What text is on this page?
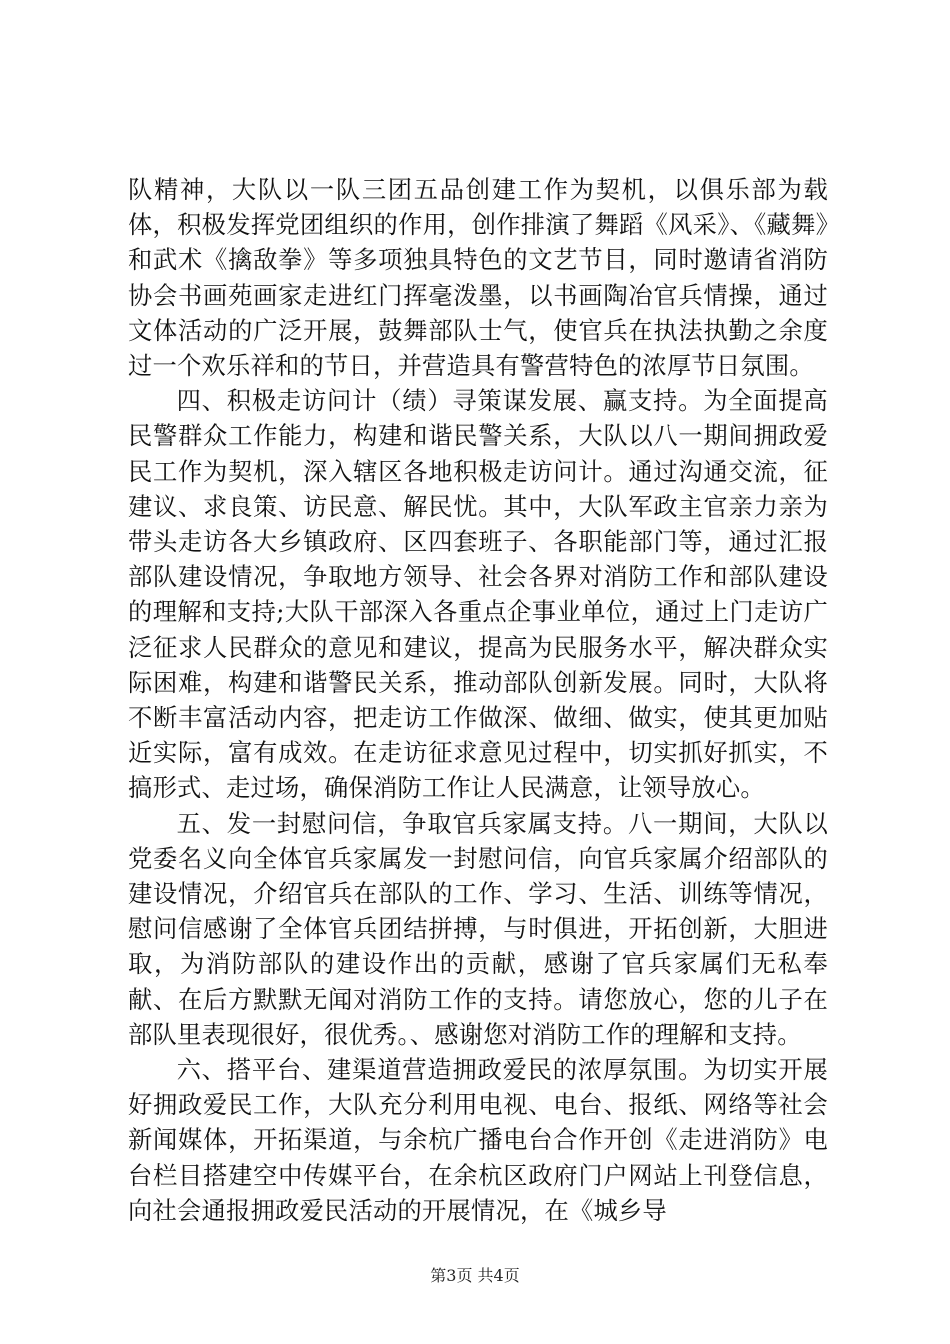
队精神，大队以一队三团五品创建工作为契机，以俱乐部为载体，积极发挥党团组织的作用，创作排演了舞蹈《风采》、《藏舞》和武术《擒敌拳》等多项独具特色的文艺节目，同时邀请省消防协会书画苑画家走进红门挥毫泼墨，以书画陶冶官兵情操，通过文体活动的广泛开展，鼓舞部队士气，使官兵在执法执勤之余度过一个欢乐祥和的节日，并营造具有警营特色的浓厚节日氛围。

四、积极走访问计（绩）寻策谋发展、赢支持。为全面提高民警群众工作能力，构建和谐民警关系，大队以八一期间拥政爱民工作为契机，深入辖区各地积极走访问计。通过沟通交流，征建议、求良策、访民意、解民忧。其中，大队军政主官亲力亲为带头走访各大乡镇政府、区四套班子、各职能部门等，通过汇报部队建设情况，争取地方领导、社会各界对消防工作和部队建设的理解和支持;大队干部深入各重点企事业单位，通过上门走访广泛征求人民群众的意见和建议，提高为民服务水平，解决群众实际困难，构建和谐警民关系，推动部队创新发展。同时，大队将不断丰富活动内容，把走访工作做深、做细、做实，使其更加贴近实际，富有成效。在走访征求意见过程中，切实抓好抓实，不搞形式、走过场，确保消防工作让人民满意，让领导放心。

五、发一封慰问信，争取官兵家属支持。八一期间，大队以党委名义向全体官兵家属发一封慰问信，向官兵家属介绍部队的建设情况，介绍官兵在部队的工作、学习、生活、训练等情况，慰问信感谢了全体官兵团结拼搏，与时俱进，开拓创新，大胆进取，为消防部队的建设作出的贡献，感谢了官兵家属们无私奉献、在后方默默无闻对消防工作的支持。请您放心，您的儿子在部队里表现很好，很优秀。、感谢您对消防工作的理解和支持。

六、搭平台、建渠道营造拥政爱民的浓厚氛围。为切实开展好拥政爱民工作，大队充分利用电视、电台、报纸、网络等社会新闻媒体，开拓渠道，与余杭广播电台合作开创《走进消防》电台栏目搭建空中传媒平台，在余杭区政府门户网站上刊登信息，向社会通报拥政爱民活动的开展情况，在《城乡导

第3页 共4页
